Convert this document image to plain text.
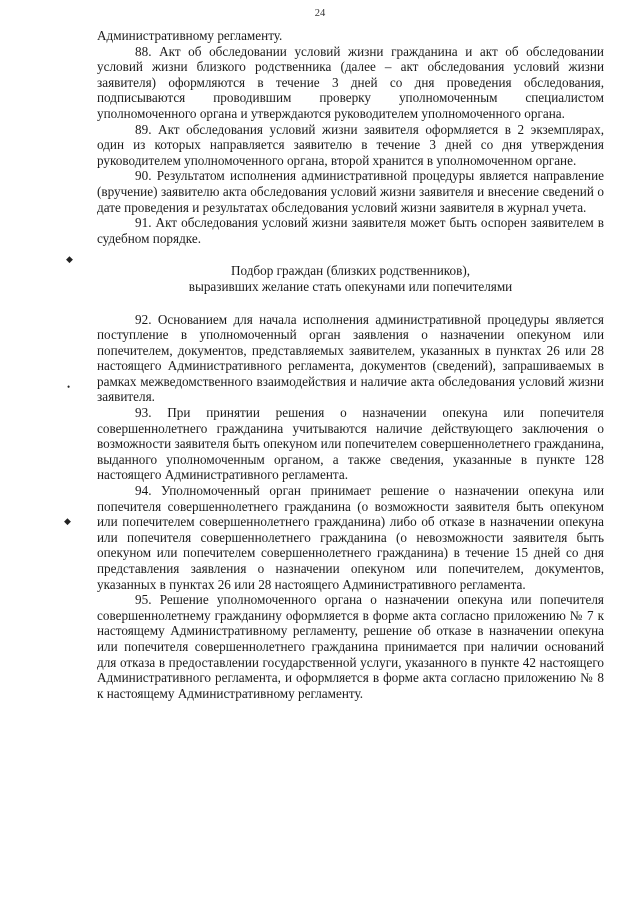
24
◆
•
◆

Административному регламенту.

88. Акт об обследовании условий жизни гражданина и акт об обследовании условий жизни близкого родственника (далее – акт обследования условий жизни заявителя) оформляются в течение 3 дней со дня проведения обследования, подписываются проводившим проверку уполномоченным специалистом уполномоченного органа и утверждаются руководителем уполномоченного органа.

89. Акт обследования условий жизни заявителя оформляется в 2 экземплярах, один из которых направляется заявителю в течение 3 дней со дня утверждения руководителем уполномоченного органа, второй хранится в уполномоченном органе.

90. Результатом исполнения административной процедуры является направление (вручение) заявителю акта обследования условий жизни заявителя и внесение сведений о дате проведения и результатах обследования условий жизни заявителя в журнал учета.

91. Акт обследования условий жизни заявителя может быть оспорен заявителем в судебном порядке.

Подбор граждан (близких родственников),
выразивших желание стать опекунами или попечителями

92. Основанием для начала исполнения административной процедуры является поступление в уполномоченный орган заявления о назначении опекуном или попечителем, документов, представляемых заявителем, указанных в пунктах 26 или 28 настоящего Административного регламента, документов (сведений), запрашиваемых в рамках межведомственного взаимодействия и наличие акта обследования условий жизни заявителя.

93. При принятии решения о назначении опекуна или попечителя совершеннолетнего гражданина учитываются наличие действующего заключения о возможности заявителя быть опекуном или попечителем совершеннолетнего гражданина, выданного уполномоченным органом, а также сведения, указанные в пункте 128 настоящего Административного регламента.

94. Уполномоченный орган принимает решение о назначении опекуна или попечителя совершеннолетнего гражданина (о возможности заявителя быть опекуном или попечителем совершеннолетнего гражданина) либо об отказе в назначении опекуна или попечителя совершеннолетнего гражданина (о невозможности заявителя быть опекуном или попечителем совершеннолетнего гражданина) в течение 15 дней со дня представления заявления о назначении опекуном или попечителем, документов, указанных в пунктах 26 или 28 настоящего Административного регламента.

95. Решение уполномоченного органа о назначении опекуна или попечителя совершеннолетнему гражданину оформляется в форме акта согласно приложению № 7 к настоящему Административному регламенту, решение об отказе в назначении опекуна или попечителя совершеннолетнего гражданина принимается при наличии оснований для отказа в предоставлении государственной услуги, указанного в пункте 42 настоящего Административного регламента, и оформляется в форме акта согласно приложению № 8 к настоящему Административному регламенту.
